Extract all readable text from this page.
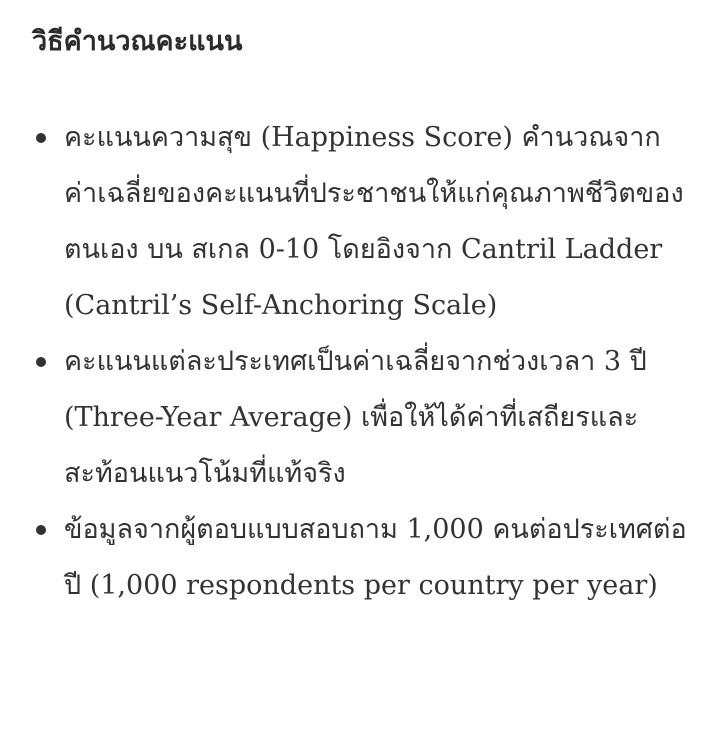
วิธีคำนวณคะแนน
คะแนนความสุข (Happiness Score) คำนวณจาก ค่าเฉลี่ยของคะแนนที่ประชาชนให้แก่คุณภาพชีวิตของตนเอง บน สเกล 0-10 โดยอิงจาก Cantril Ladder (Cantril’s Self-Anchoring Scale)
คะแนนแต่ละประเทศเป็นค่าเฉลี่ยจากช่วงเวลา 3 ปี (Three-Year Average) เพื่อให้ได้ค่าที่เสถียรและสะท้อนแนวโน้มที่แท้จริง
ข้อมูลจากผู้ตอบแบบสอบถาม 1,000 คนต่อประเทศต่อปี (1,000 respondents per country per year)
